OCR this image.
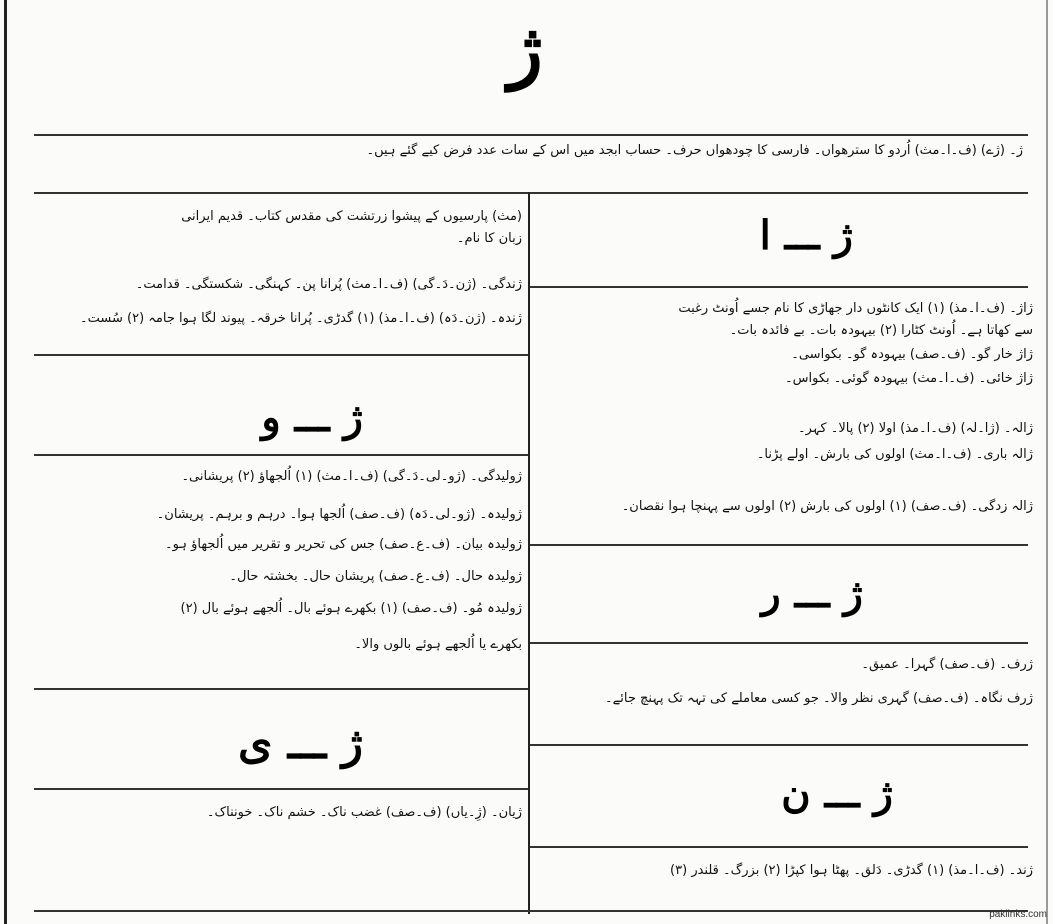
ژ
ژ۔ (ژے) (ف۔ا۔مث) اُردو کا سترھواں۔ فارسی کا چودھواں حرف۔ حساب ابجد میں اس کے سات عدد فرض کیے گئے ہیں۔
ژ ـــ ا
ژاژ۔ (ف۔ا۔مذ) (۱) ایک کانٹوں دار جھاڑی کا نام جسے اُونٹ رغبت
سے کھاتا ہے۔ اُونٹ کٹارا (۲) بیہودہ بات۔ بے فائدہ بات۔
ژاژ خار گو۔ (ف۔صف) بیہودہ گو۔ بکواسی۔
ژاژ خائی۔ (ف۔ا۔مث) بیہودہ گوئی۔ بکواس۔
ژالہ۔ (ژا۔لہ) (ف۔ا۔مذ) اولا (۲) پالا۔ کہر۔
ژالہ باری۔ (ف۔ا۔مث) اولوں کی بارش۔ اولے پڑنا۔
ژالہ زدگی۔ (ف۔صف) (۱) اولوں کی بارش (۲) اولوں سے پہنچا ہوا نقصان۔
ژ ـــ ر
ژرف۔ (ف۔صف) گہرا۔ عمیق۔
ژرف نگاہ۔ (ف۔صف) گہری نظر والا۔ جو کسی معاملے کی تہہ تک پہنچ جائے۔
ژ ـــ ن
ژند۔ (ف۔ا۔مذ) (۱) گدڑی۔ دَلق۔ پھٹا ہوا کپڑا (۲) بزرگ۔ قلندر (۳)
(مث) پارسیوں کے پیشوا زرتشت کی مقدس کتاب۔ قدیم ایرانی
زبان کا نام۔
ژندگی۔ (ژن۔دَ۔گی) (ف۔ا۔مث) پُرانا پن۔ کہنگی۔ شکستگی۔ قدامت۔
ژندہ۔ (ژن۔دَہ) (ف۔ا۔مذ) (۱) گدڑی۔ پُرانا خرقہ۔ پیوند لگا ہوا جامہ (۲) سُست۔
ژ ـــ و
ژولیدگی۔ (ژو۔لی۔دَ۔گی) (ف۔ا۔مث) (۱) اُلجھاؤ (۲) پریشانی۔
ژولیدہ۔ (ژو۔لی۔دَہ) (ف۔صف) اُلجھا ہوا۔ درہم و برہم۔ پریشان۔
ژولیدہ بیان۔ (ف۔ع۔صف) جس کی تحریر و تقریر میں اُلجھاؤ ہو۔
ژولیدہ حال۔ (ف۔ع۔صف) پریشان حال۔ بخشتہ حال۔
ژولیدہ مُو۔ (ف۔صف) (۱) بکھرے ہوئے بال۔ اُلجھے ہوئے بال (۲)
بکھرے یا اُلجھے ہوئے بالوں والا۔
ژ ـــ ی
ژیان۔ (ژِ۔یاں) (ف۔صف) غضب ناک۔ خشم ناک۔ خونناک۔
paklinks.com
